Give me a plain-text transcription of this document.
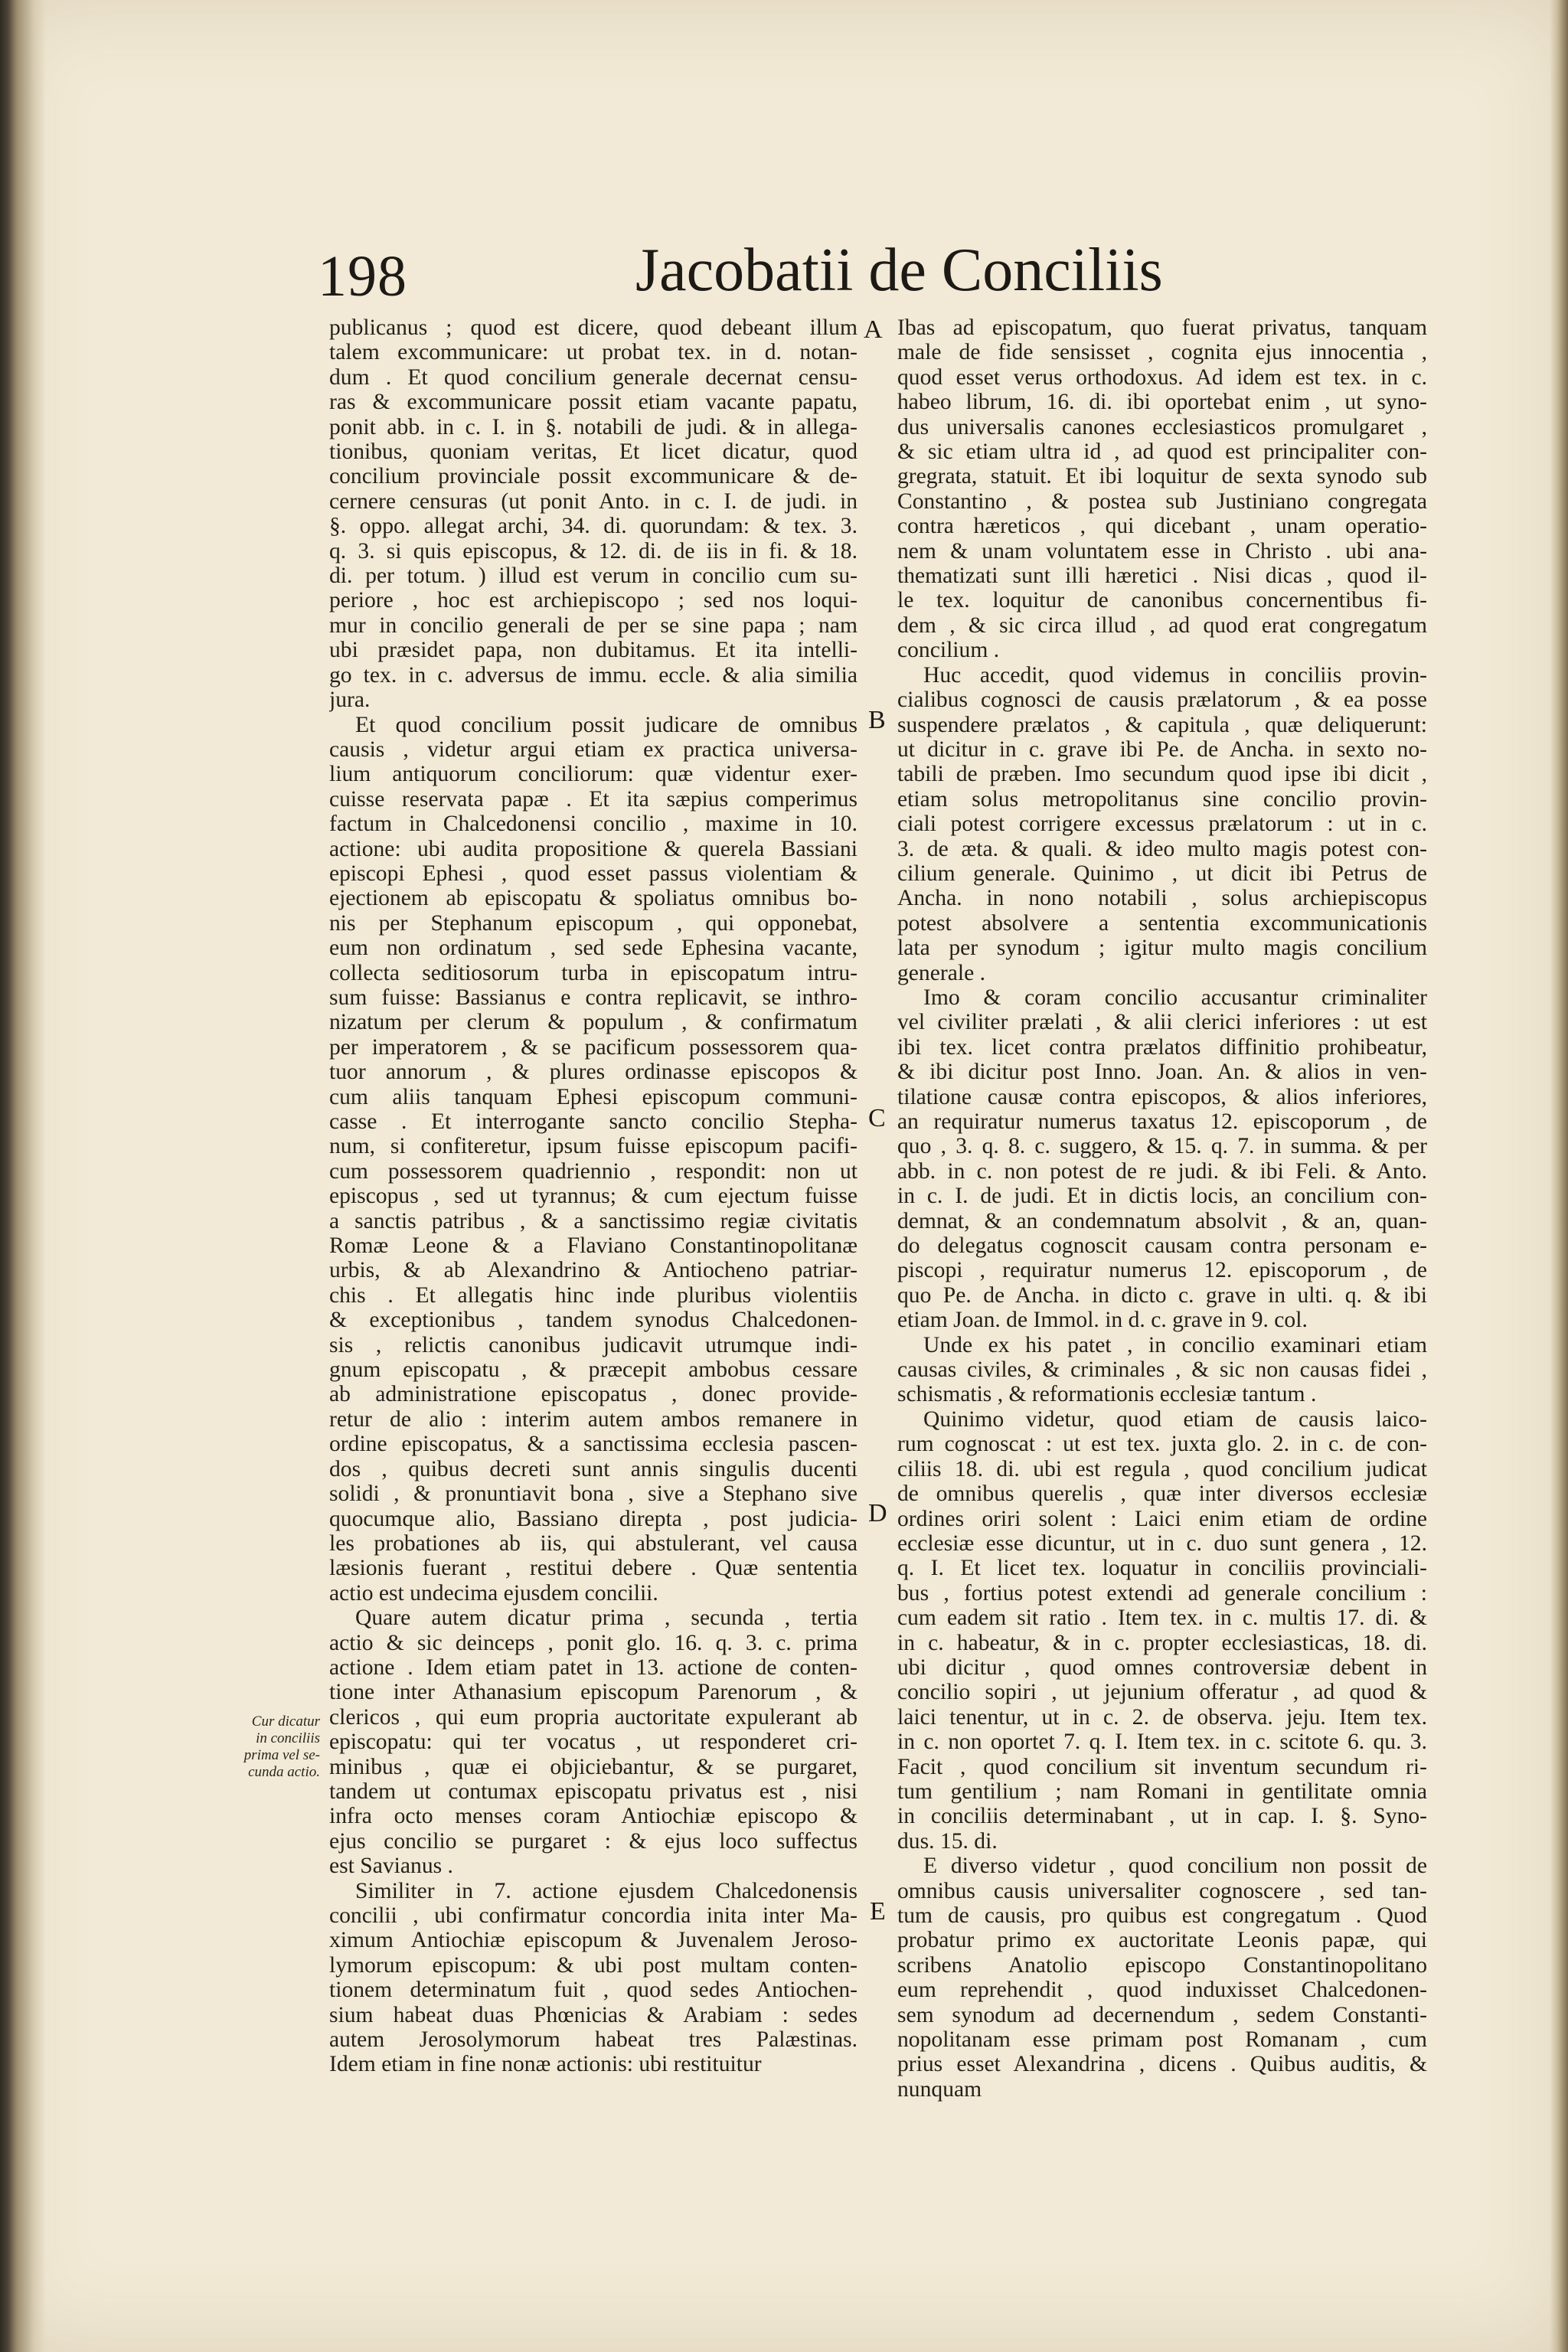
198	Jacobatii de Conciliis
A
B
C
D
E
Cur dicatur
in conciliis
prima vel se-
cunda actio.
publicanus ; quod est dicere, quod debeant illum
talem excommunicare: ut probat tex. in d. notan-
dum . Et quod concilium generale decernat censu-
ras & excommunicare possit etiam vacante papatu,
ponit abb. in c. I. in §. notabili de judi. & in allega-
tionibus, quoniam veritas, Et licet dicatur, quod
concilium provinciale possit excommunicare & de-
cernere censuras (ut ponit Anto. in c. I. de judi. in
§. oppo. allegat archi, 34. di. quorundam: & tex. 3.
q. 3. si quis episcopus, & 12. di. de iis in fi. & 18.
di. per totum. ) illud est verum in concilio cum su-
periore , hoc est archiepiscopo ; sed nos loqui-
mur in concilio generali de per se sine papa ; nam
ubi præsidet papa, non dubitamus. Et ita intelli-
go tex. in c. adversus de immu. eccle. & alia similia
jura.
Et quod concilium possit judicare de omnibus
causis , videtur argui etiam ex practica universa-
lium antiquorum conciliorum: quæ videntur exer-
cuisse reservata papæ . Et ita sæpius comperimus
factum in Chalcedonensi concilio , maxime in 10.
actione: ubi audita propositione & querela Bassiani
episcopi Ephesi , quod esset passus violentiam &
ejectionem ab episcopatu & spoliatus omnibus bo-
nis per Stephanum episcopum , qui opponebat,
eum non ordinatum , sed sede Ephesina vacante,
collecta seditiosorum turba in episcopatum intru-
sum fuisse: Bassianus e contra replicavit, se inthro-
nizatum per clerum & populum , & confirmatum
per imperatorem , & se pacificum possessorem qua-
tuor annorum , & plures ordinasse episcopos &
cum aliis tanquam Ephesi episcopum communi-
casse . Et interrogante sancto concilio Stepha-
num, si confiteretur, ipsum fuisse episcopum pacifi-
cum possessorem quadriennio , respondit: non ut
episcopus , sed ut tyrannus; & cum ejectum fuisse
a sanctis patribus , & a sanctissimo regiæ civitatis
Romæ Leone & a Flaviano Constantinopolitanæ
urbis, & ab Alexandrino & Antiocheno patriar-
chis . Et allegatis hinc inde pluribus violentiis
& exceptionibus , tandem synodus Chalcedonen-
sis , relictis canonibus judicavit utrumque indi-
gnum episcopatu , & præcepit ambobus cessare
ab administratione episcopatus , donec provide-
retur de alio : interim autem ambos remanere in
ordine episcopatus, & a sanctissima ecclesia pascen-
dos , quibus decreti sunt annis singulis ducenti
solidi , & pronuntiavit bona , sive a Stephano sive
quocumque alio, Bassiano direpta , post judicia-
les probationes ab iis, qui abstulerant, vel causa
læsionis fuerant , restitui debere . Quæ sententia
actio est undecima ejusdem concilii.
Quare autem dicatur prima , secunda , tertia
actio & sic deinceps , ponit glo. 16. q. 3. c. prima
actione . Idem etiam patet in 13. actione de conten-
tione inter Athanasium episcopum Parenorum , &
clericos , qui eum propria auctoritate expulerant ab
episcopatu: qui ter vocatus , ut responderet cri-
minibus , quæ ei objiciebantur, & se purgaret,
tandem ut contumax episcopatu privatus est , nisi
infra octo menses coram Antiochiæ episcopo &
ejus concilio se purgaret : & ejus loco suffectus
est Savianus .
Similiter in 7. actione ejusdem Chalcedonensis
concilii , ubi confirmatur concordia inita inter Ma-
ximum Antiochiæ episcopum & Juvenalem Jeroso-
lymorum episcopum: & ubi post multam conten-
tionem determinatum fuit , quod sedes Antiochen-
sium habeat duas Phœnicias & Arabiam : sedes
autem Jerosolymorum habeat tres Palæstinas.
Idem etiam in fine nonæ actionis: ubi restituitur
Ibas ad episcopatum, quo fuerat privatus, tanquam
male de fide sensisset , cognita ejus innocentia ,
quod esset verus orthodoxus. Ad idem est tex. in c.
habeo librum, 16. di. ibi oportebat enim , ut syno-
dus universalis canones ecclesiasticos promulgaret ,
& sic etiam ultra id , ad quod est principaliter con-
gregrata, statuit. Et ibi loquitur de sexta synodo sub
Constantino , & postea sub Justiniano congregata
contra hæreticos , qui dicebant , unam operatio-
nem & unam voluntatem esse in Christo . ubi ana-
thematizati sunt illi hæretici . Nisi dicas , quod il-
le tex. loquitur de canonibus concernentibus fi-
dem , & sic circa illud , ad quod erat congregatum
concilium .
Huc accedit, quod videmus in conciliis provin-
cialibus cognosci de causis prælatorum , & ea posse
suspendere prælatos , & capitula , quæ deliquerunt:
ut dicitur in c. grave ibi Pe. de Ancha. in sexto no-
tabili de præben. Imo secundum quod ipse ibi dicit ,
etiam solus metropolitanus sine concilio provin-
ciali potest corrigere excessus prælatorum : ut in c.
3. de æta. & quali. & ideo multo magis potest con-
cilium generale. Quinimo , ut dicit ibi Petrus de
Ancha. in nono notabili , solus archiepiscopus
potest absolvere a sententia excommunicationis
lata per synodum ; igitur multo magis concilium
generale .
Imo & coram concilio accusantur criminaliter
vel civiliter prælati , & alii clerici inferiores : ut est
ibi tex. licet contra prælatos diffinitio prohibeatur,
& ibi dicitur post Inno. Joan. An. & alios in ven-
tilatione causæ contra episcopos, & alios inferiores,
an requiratur numerus taxatus 12. episcoporum , de
quo , 3. q. 8. c. suggero, & 15. q. 7. in summa. & per
abb. in c. non potest de re judi. & ibi Feli. & Anto.
in c. I. de judi. Et in dictis locis, an concilium con-
demnat, & an condemnatum absolvit , & an, quan-
do delegatus cognoscit causam contra personam e-
piscopi , requiratur numerus 12. episcoporum , de
quo Pe. de Ancha. in dicto c. grave in ulti. q. & ibi
etiam Joan. de Immol. in d. c. grave in 9. col.
Unde ex his patet , in concilio examinari etiam
causas civiles, & criminales , & sic non causas fidei ,
schismatis , & reformationis ecclesiæ tantum .
Quinimo videtur, quod etiam de causis laico-
rum cognoscat : ut est tex. juxta glo. 2. in c. de con-
ciliis 18. di. ubi est regula , quod concilium judicat
de omnibus querelis , quæ inter diversos ecclesiæ
ordines oriri solent : Laici enim etiam de ordine
ecclesiæ esse dicuntur, ut in c. duo sunt genera , 12.
q. I. Et licet tex. loquatur in conciliis provinciali-
bus , fortius potest extendi ad generale concilium :
cum eadem sit ratio . Item tex. in c. multis 17. di. &
in c. habeatur, & in c. propter ecclesiasticas, 18. di.
ubi dicitur , quod omnes controversiæ debent in
concilio sopiri , ut jejunium offeratur , ad quod &
laici tenentur, ut in c. 2. de observa. jeju. Item tex.
in c. non oportet 7. q. I. Item tex. in c. scitote 6. qu. 3.
Facit , quod concilium sit inventum secundum ri-
tum gentilium ; nam Romani in gentilitate omnia
in conciliis determinabant , ut in cap. I. §. Syno-
dus. 15. di.
E diverso videtur , quod concilium non possit de
omnibus causis universaliter cognoscere , sed tan-
tum de causis, pro quibus est congregatum . Quod
probatur primo ex auctoritate Leonis papæ, qui
scribens Anatolio episcopo Constantinopolitano
eum reprehendit , quod induxisset Chalcedonen-
sem synodum ad decernendum , sedem Constanti-
nopolitanam esse primam post Romanam , cum
prius esset Alexandrina , dicens . Quibus auditis, &
nunquam
